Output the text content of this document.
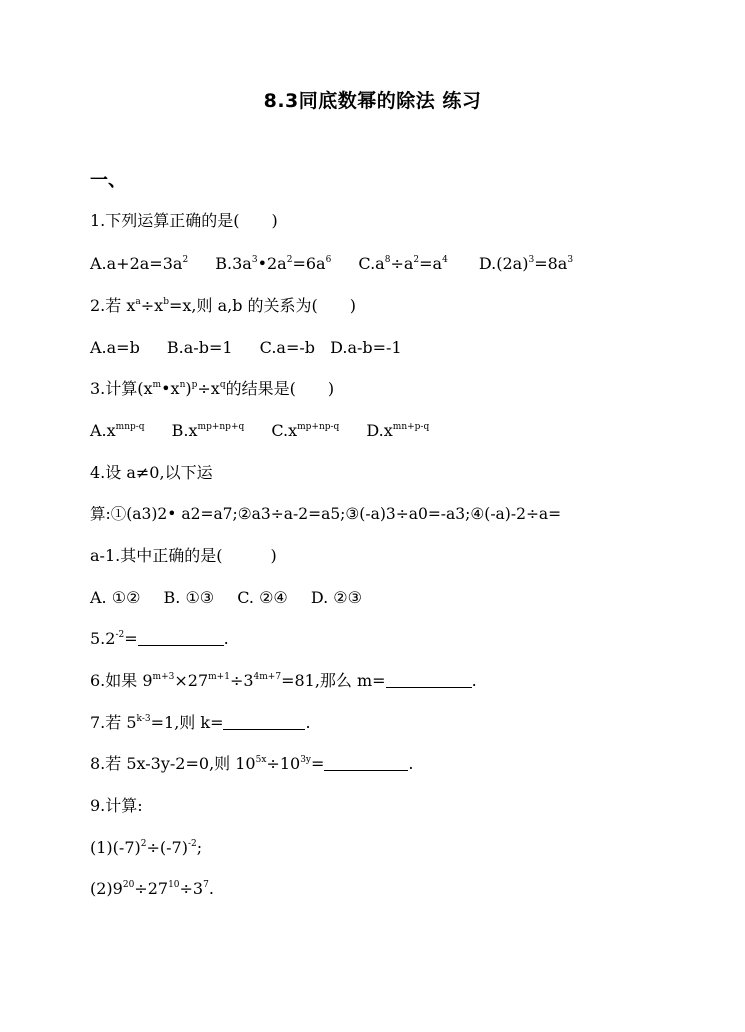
8.3同底数幂的除法 练习
一、
1.下列运算正确的是(　　)
$A.a+2a=3a^2$ $B.3a^3•2a^2=6a^6$ $C.a^8\div a^2=a^4$ $D.(2a)^3=8a^3$
2.若 $x^a\div x^b=x$,则 a,b 的关系为(　　)
A.a=b B.a-b=1 C.a=-b D.a-b=-1
3.计算$(x^m•x^n)^p\div x^q$的结果是(　　)
$A.x^{mnp-q}$ $B.x^{mp+np+q}$ $C.x^{mp+np-q}$ $D.x^{mn+p-q}$
4.设 a≠0,以下运
算:①(a3)2• a2=a7;②a3÷a-2=a5;③(-a)3÷a0=-a3;④(-a)-2÷a=
a-1.其中正确的是(　　　)
A. ①② B. ①③ C. ②④ D. ②③
$5.2^{-2}=$	.
6.如果 $9^{m+3}\times 27^{m+1}\div 3^{4m+7}=81$,那么 m=	.
7.若 $5^{k-3}=1$,则 k=	.
8.若 5x-3y-2=0,则 $10^{5x}\div 10^{3y}=$	.
9.计算:
$(1)(-7)^2\div(-7)^{-2}$;
$(2)9^{20}\div 27^{10}\div 3^7$.
